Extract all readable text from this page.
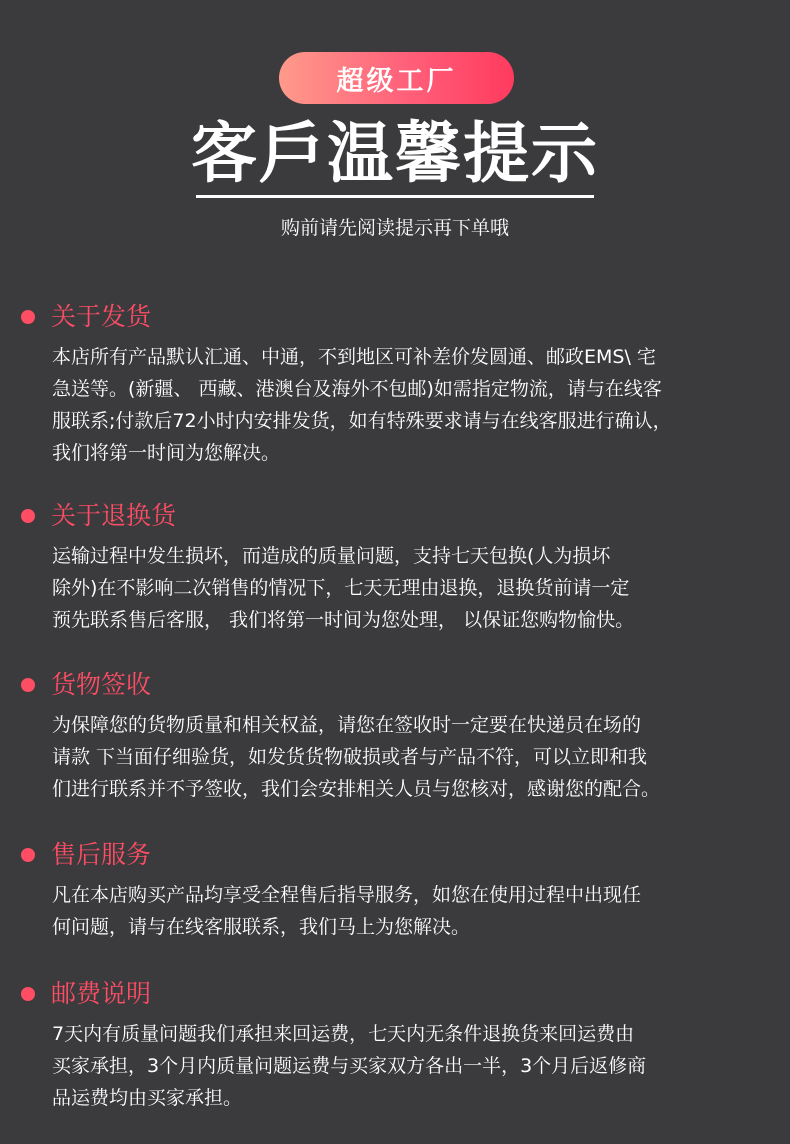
超级工厂
客戶温馨提示
购前请先阅读提示再下单哦
关于发货
本店所有产品默认汇通、中通，不到地区可补差价发圆通、邮政EMS\ 宅
急送等。(新疆、 西藏、港澳台及海外不包邮)如需指定物流，请与在线客
服联系;付款后72小时内安排发货，如有特殊要求请与在线客服进行确认，
我们将第一时间为您解决。
关于退换货
运输过程中发生损坏，而造成的质量问题，支持七天包换(人为损坏
除外)在不影响二次销售的情况下，七天无理由退换，退换货前请一定
预先联系售后客服， 我们将第一时间为您处理， 以保证您购物愉快。
货物签收
为保障您的货物质量和相关权益，请您在签收时一定要在快递员在场的
请款 下当面仔细验货，如发货货物破损或者与产品不符，可以立即和我
们进行联系并不予签收，我们会安排相关人员与您核对，感谢您的配合。
售后服务
凡在本店购买产品均享受全程售后指导服务，如您在使用过程中出现任
何问题，请与在线客服联系，我们马上为您解决。
邮费说明
7天内有质量问题我们承担来回运费，七天内无条件退换货来回运费由
买家承担，3个月内质量问题运费与买家双方各出一半，3个月后返修商
品运费均由买家承担。
